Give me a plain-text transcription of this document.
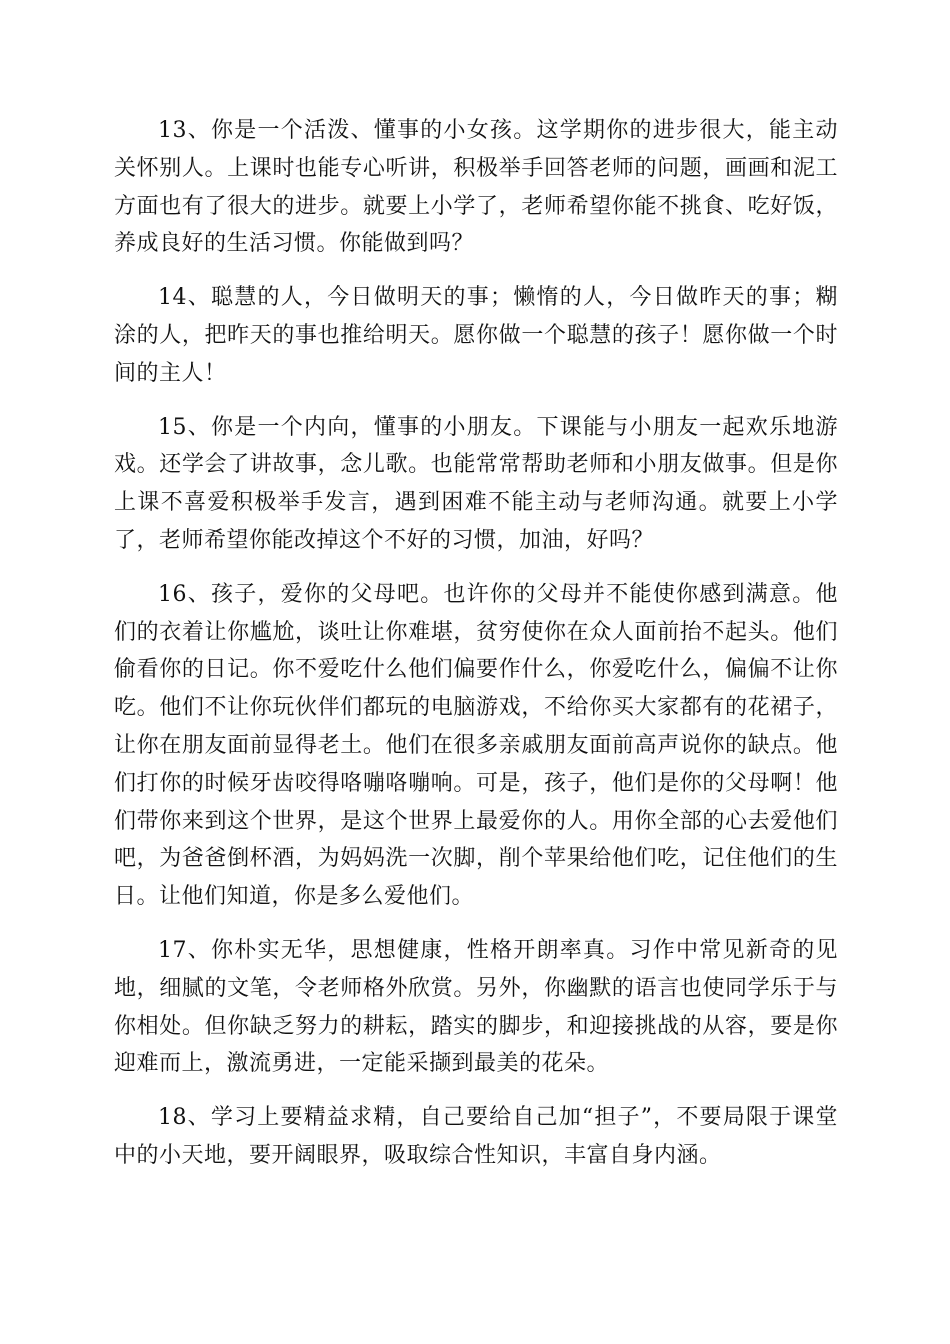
13、你是一个活泼、懂事的小女孩。这学期你的进步很大，能主动关怀别人。上课时也能专心听讲，积极举手回答老师的问题，画画和泥工方面也有了很大的进步。就要上小学了，老师希望你能不挑食、吃好饭，养成良好的生活习惯。你能做到吗？

14、聪慧的人，今日做明天的事；懒惰的人，今日做昨天的事；糊涂的人，把昨天的事也推给明天。愿你做一个聪慧的孩子！愿你做一个时间的主人！

15、你是一个内向，懂事的小朋友。下课能与小朋友一起欢乐地游戏。还学会了讲故事，念儿歌。也能常常帮助老师和小朋友做事。但是你上课不喜爱积极举手发言，遇到困难不能主动与老师沟通。就要上小学了，老师希望你能改掉这个不好的习惯，加油，好吗？

16、孩子，爱你的父母吧。也许你的父母并不能使你感到满意。他们的衣着让你尴尬，谈吐让你难堪，贫穷使你在众人面前抬不起头。他们偷看你的日记。你不爱吃什么他们偏要作什么，你爱吃什么，偏偏不让你吃。他们不让你玩伙伴们都玩的电脑游戏，不给你买大家都有的花裙子，让你在朋友面前显得老土。他们在很多亲戚朋友面前高声说你的缺点。他们打你的时候牙齿咬得咯嘣咯嘣响。可是，孩子，他们是你的父母啊！他们带你来到这个世界，是这个世界上最爱你的人。用你全部的心去爱他们吧，为爸爸倒杯酒，为妈妈洗一次脚，削个苹果给他们吃，记住他们的生日。让他们知道，你是多么爱他们。

17、你朴实无华，思想健康，性格开朗率真。习作中常见新奇的见地，细腻的文笔，令老师格外欣赏。另外，你幽默的语言也使同学乐于与你相处。但你缺乏努力的耕耘，踏实的脚步，和迎接挑战的从容，要是你迎难而上，激流勇进，一定能采撷到最美的花朵。

18、学习上要精益求精，自己要给自己加“担子”，不要局限于课堂中的小天地，要开阔眼界，吸取综合性知识，丰富自身内涵。
